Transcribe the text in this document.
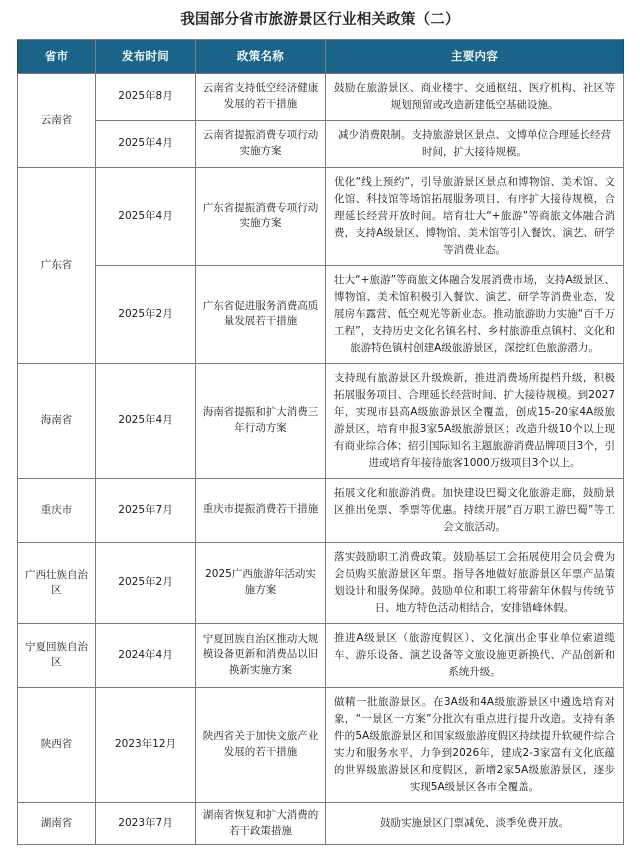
我国部分省市旅游景区行业相关政策（二）
省市	发布时间	政策名称	主要内容
云南省	2025年8月	云南省支持低空经济健康发展的若干措施	鼓励在旅游景区、商业楼宇、交通枢纽、医疗机构、社区等规划预留或改造新建低空基础设施。
	2025年4月	云南省提振消费专项行动实施方案	减少消费限制。支持旅游景区景点、文博单位合理延长经营时间，扩大接待规模。
广东省	2025年4月	广东省提振消费专项行动实施方案	优化“线上预约”，引导旅游景区景点和博物馆、美术馆、文化馆、科技馆等场馆拓展服务项目，有序扩大接待规模，合理延长经营开放时间。培育壮大“+旅游”等商旅文体融合消费，支持A级景区、博物馆、美术馆等引入餐饮、演艺、研学等消费业态。
	2025年2月	广东省促进服务消费高质量发展若干措施	壮大“+旅游”等商旅文体融合发展消费市场，支持A级景区、博物馆、美术馆积极引入餐饮、演艺、研学等消费业态，发展房车露营、低空观光等新业态。推动旅游助力实施“百千万工程”，支持历史文化名镇名村、乡村旅游重点镇村、文化和旅游特色镇村创建A级旅游景区，深挖红色旅游潜力。
海南省	2025年4月	海南省提振和扩大消费三年行动方案	支持现有旅游景区升级焕新，推进消费场所提档升级，积极拓展服务项目、合理延长经营时间、扩大接待规模。到2027年，实现市县高A级旅游景区全覆盖，创成15-20家4A级旅游景区，培育申报3家5A级旅游景区；改造升级10个以上现有商业综合体；招引国际知名主题旅游消费品牌项目3个，引进或培育年接待旅客1000万级项目3个以上。
重庆市	2025年7月	重庆市提振消费若干措施	拓展文化和旅游消费。加快建设巴蜀文化旅游走廊，鼓励景区推出免票、季票等优惠。持续开展“百万职工游巴蜀”等工会文旅活动。
广西壮族自治区	2025年2月	2025广西旅游年活动实施方案	落实鼓励职工消费政策。鼓励基层工会拓展使用会员会费为会员购买旅游景区年票。指导各地做好旅游景区年票产品策划设计和服务保障。鼓励单位和职工将带薪年休假与传统节日、地方特色活动相结合，安排错峰休假。
宁夏回族自治区	2024年4月	宁夏回族自治区推动大规模设备更新和消费品以旧换新实施方案	推进A级景区（旅游度假区）、文化演出企事业单位索道缆车、游乐设备、演艺设备等文旅设施更新换代、产品创新和系统升级。
陕西省	2023年12月	陕西省关于加快文旅产业发展的若干措施	做精一批旅游景区。在3A级和4A级旅游景区中遴选培育对象，“一景区一方案”分批次有重点进行提升改造。支持有条件的5A级旅游景区和国家级旅游度假区持续提升软硬件综合实力和服务水平，力争到2026年，建成2-3家富有文化底蕴的世界级旅游景区和度假区，新增2家5A级旅游景区，逐步实现5A级景区各市全覆盖。
湖南省	2023年7月	湖南省恢复和扩大消费的若干政策措施	鼓励实施景区门票减免、淡季免费开放。
